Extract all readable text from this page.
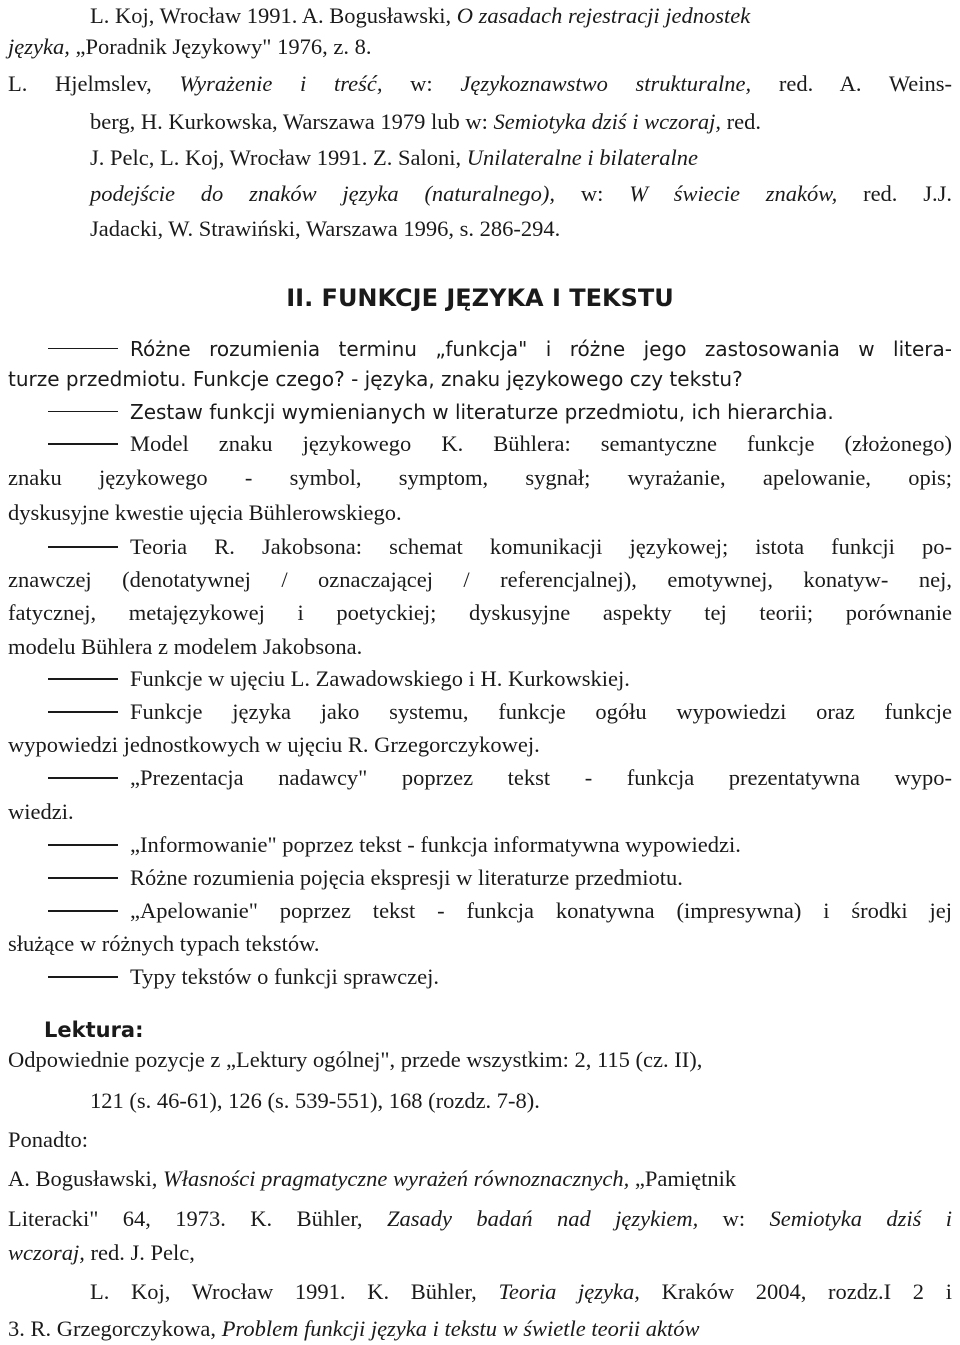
L. Koj, Wrocław 1991. A. Bogusławski, O zasadach rejestracji jednostek
języka, „Poradnik Językowy" 1976, z. 8.
L. Hjelmslev, Wyrażenie i treść, w: Językoznawstwo strukturalne, red. A. Weins-
berg, H. Kurkowska, Warszawa 1979 lub w: Semiotyka dziś i wczoraj, red.
J. Pelc, L. Koj, Wrocław 1991. Z. Saloni, Unilateralne i bilateralne
podejście do znaków języka (naturalnego), w: W świecie znaków, red. J.J.
Jadacki, W. Strawiński, Warszawa 1996, s. 286-294.
II. FUNKCJE JĘZYKA I TEKSTU
Różne rozumienia terminu „funkcja" i różne jego zastosowania w litera-
turze przedmiotu. Funkcje czego? - języka, znaku językowego czy tekstu?
Zestaw funkcji wymienianych w literaturze przedmiotu, ich hierarchia.
Model znaku językowego K. Bühlera: semantyczne funkcje (złożonego)
znaku językowego - symbol, symptom, sygnał; wyrażanie, apelowanie, opis;
dyskusyjne kwestie ujęcia Bühlerowskiego.
Teoria R. Jakobsona: schemat komunikacji językowej; istota funkcji po-
znawczej (denotatywnej / oznaczającej / referencjalnej), emotywnej, konatyw- nej,
fatycznej, metajęzykowej i poetyckiej; dyskusyjne aspekty tej teorii; porównanie
modelu Bühlera z modelem Jakobsona.
Funkcje w ujęciu L. Zawadowskiego i H. Kurkowskiej.
Funkcje języka jako systemu, funkcje ogółu wypowiedzi oraz funkcje
wypowiedzi jednostkowych w ujęciu R. Grzegorczykowej.
„Prezentacja nadawcy" poprzez tekst - funkcja prezentatywna wypo-
wiedzi.
„Informowanie" poprzez tekst - funkcja informatywna wypowiedzi.
Różne rozumienia pojęcia ekspresji w literaturze przedmiotu.
„Apelowanie" poprzez tekst - funkcja konatywna (impresywna) i środki jej
służące w różnych typach tekstów.
Typy tekstów o funkcji sprawczej.
Lektura:
Odpowiednie pozycje z „Lektury ogólnej", przede wszystkim: 2, 115 (cz. II),
121 (s. 46-61), 126 (s. 539-551), 168 (rozdz. 7-8).
Ponadto:
A. Bogusławski, Własności pragmatyczne wyrażeń równoznacznych, „Pamiętnik
Literacki" 64, 1973. K. Bühler, Zasady badań nad językiem, w: Semiotyka dziś i
wczoraj, red. J. Pelc,
L. Koj, Wrocław 1991. K. Bühler, Teoria języka, Kraków 2004, rozdz.I 2 i
3. R. Grzegorczykowa, Problem funkcji języka i tekstu w świetle teorii aktów
